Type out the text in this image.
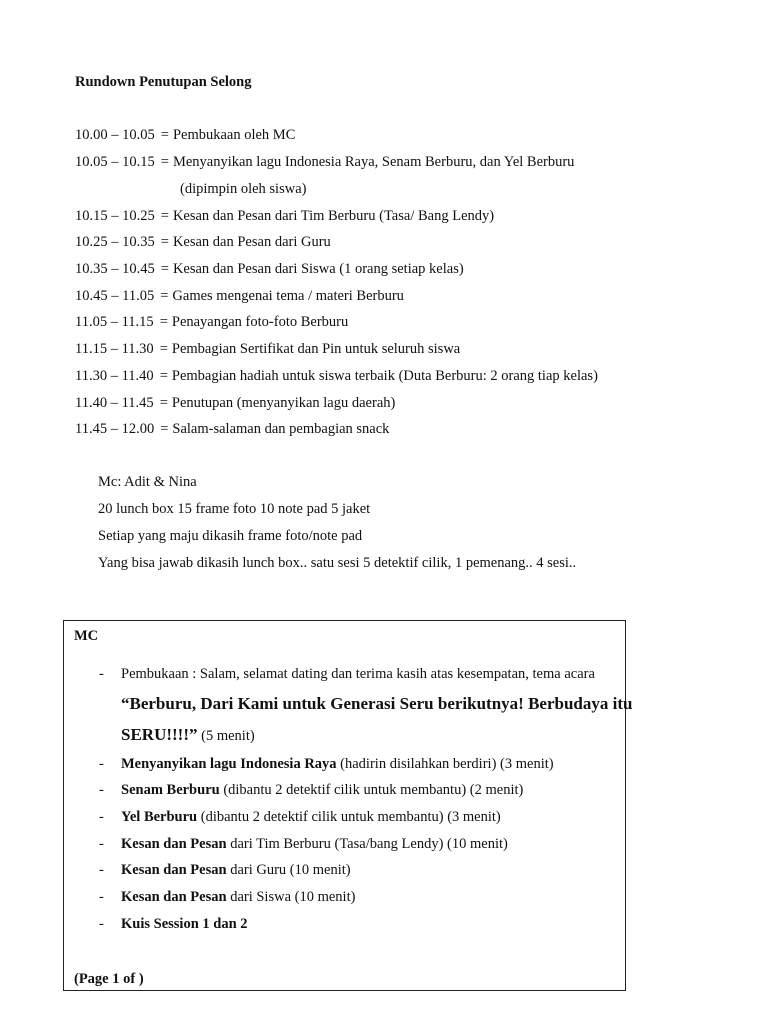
Rundown Penutupan Selong
10.00 – 10.05 = Pembukaan oleh MC
10.05 – 10.15 = Menyanyikan lagu Indonesia Raya, Senam Berburu, dan Yel Berburu
(dipimpin oleh siswa)
10.15 – 10.25 = Kesan dan Pesan dari Tim Berburu (Tasa/ Bang Lendy)
10.25 – 10.35 = Kesan dan Pesan dari Guru
10.35 – 10.45 = Kesan dan Pesan dari Siswa (1 orang setiap kelas)
10.45 – 11.05 = Games mengenai tema / materi Berburu
11.05 – 11.15 = Penayangan foto-foto Berburu
11.15 – 11.30 = Pembagian Sertifikat dan Pin untuk seluruh siswa
11.30 – 11.40 = Pembagian hadiah untuk siswa terbaik (Duta Berburu: 2 orang tiap kelas)
11.40 – 11.45 = Penutupan (menyanyikan lagu daerah)
11.45 – 12.00 = Salam-salaman dan pembagian snack
Mc: Adit & Nina
20 lunch box 15 frame foto 10 note pad 5 jaket
Setiap yang maju dikasih frame foto/note pad
Yang bisa jawab dikasih lunch box.. satu sesi 5 detektif cilik, 1 pemenang.. 4 sesi..
MC
- Pembukaan : Salam, selamat dating dan terima kasih atas kesempatan, tema acara
“Berburu, Dari Kami untuk Generasi Seru berikutnya! Berbudaya itu
SERU!!!!” (5 menit)
- Menyanyikan lagu Indonesia Raya (hadirin disilahkan berdiri) (3 menit)
- Senam Berburu (dibantu 2 detektif cilik untuk membantu) (2 menit)
- Yel Berburu (dibantu 2 detektif cilik untuk membantu) (3 menit)
- Kesan dan Pesan dari Tim Berburu (Tasa/bang Lendy) (10 menit)
- Kesan dan Pesan dari Guru (10 menit)
- Kesan dan Pesan dari Siswa (10 menit)
- Kuis Session 1 dan 2
(Page 1 of )
